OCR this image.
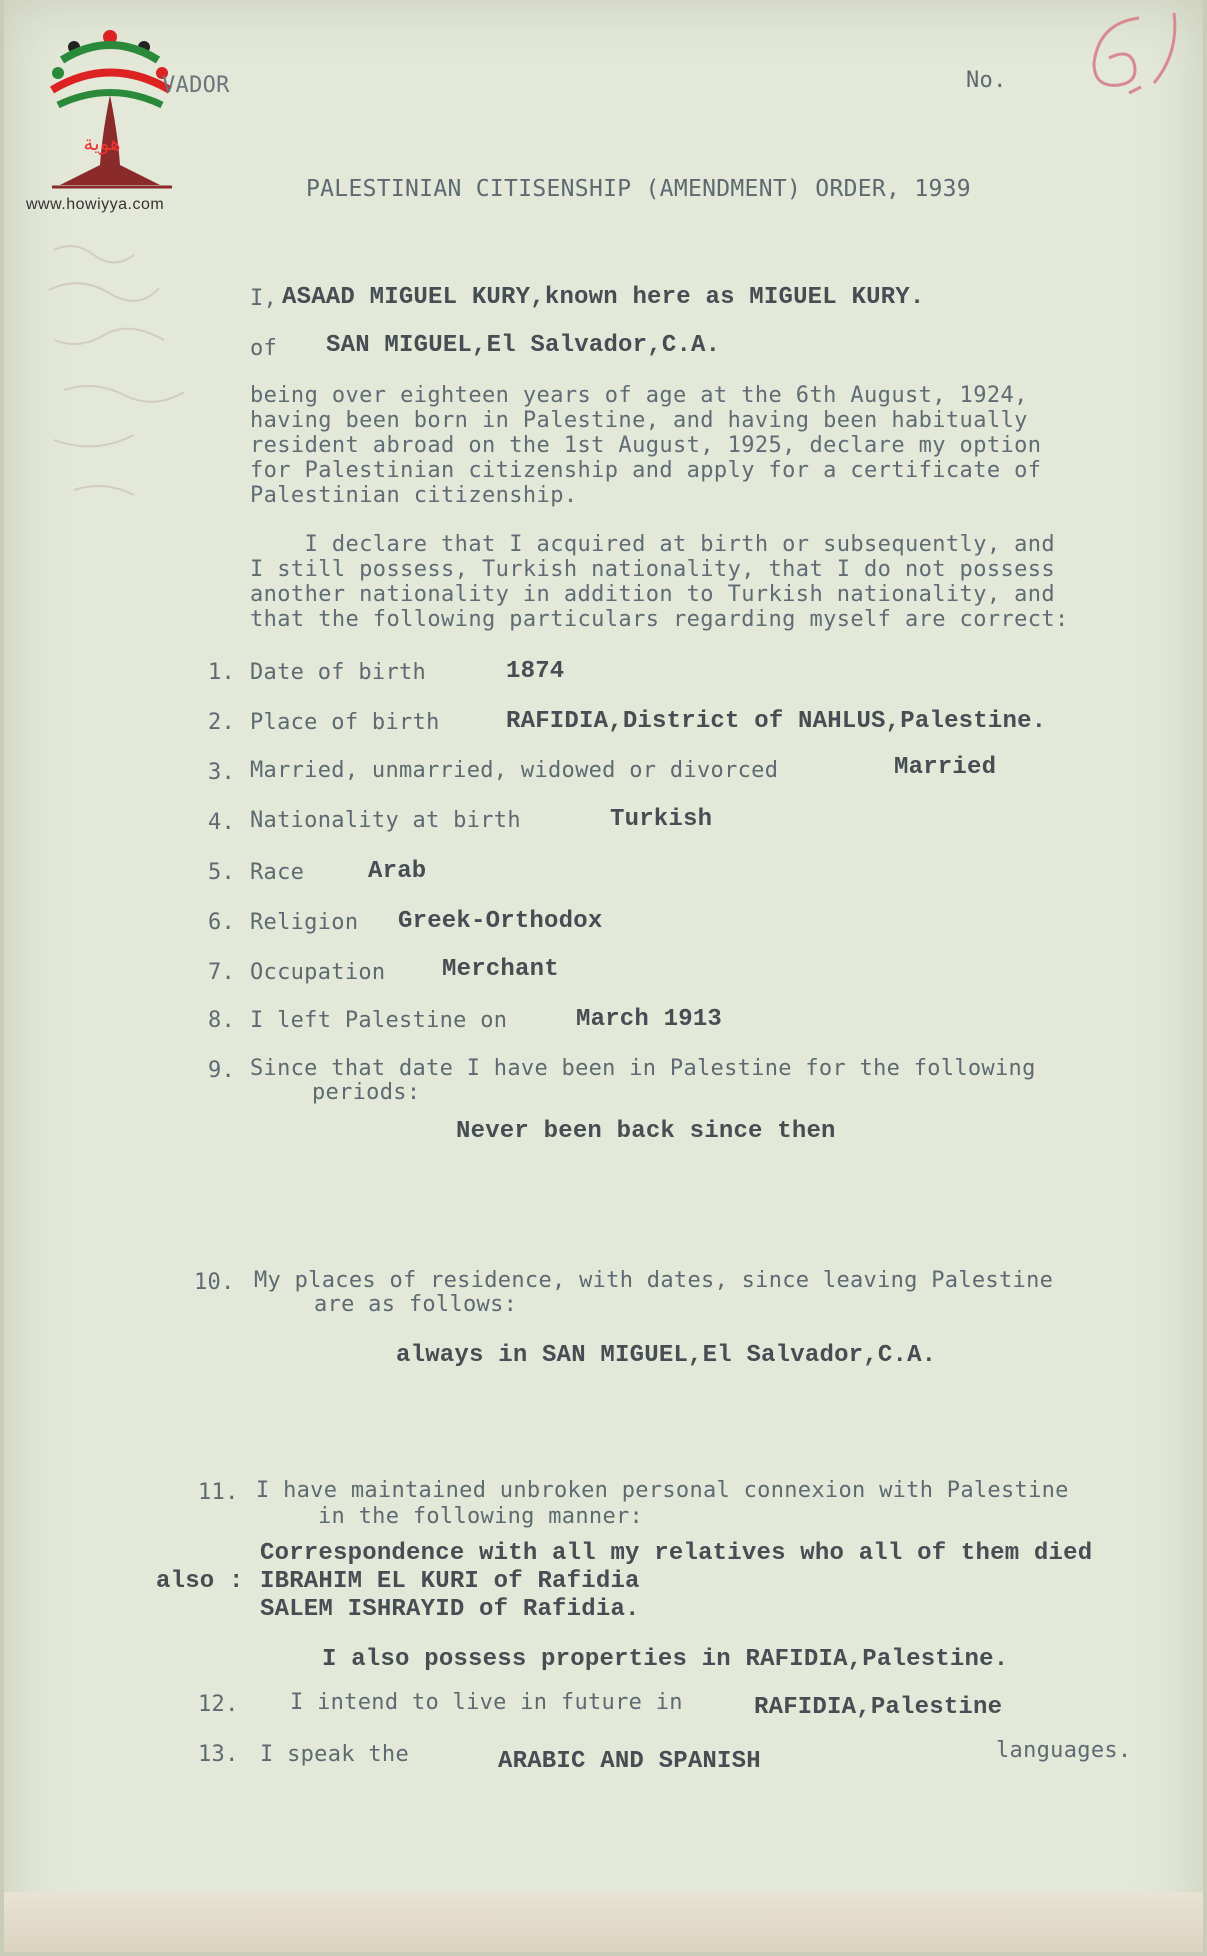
هوية
www.howiyya.com
VADOR	No.	6
PALESTINIAN CITISENSHIP (AMENDMENT) ORDER, 1939
I, ASAAD MIGUEL KURY,known here as MIGUEL KURY.
of SAN MIGUEL,El Salvador,C.A.
being over eighteen years of age at the 6th August, 1924,
having been born in Palestine, and having been habitually
resident abroad on the 1st August, 1925, declare my option
for Palestinian citizenship and apply for a certificate of
Palestinian citizenship.
I declare that I acquired at birth or subsequently, and
I still possess, Turkish nationality, that I do not possess
another nationality in addition to Turkish nationality, and
that the following particulars regarding myself are correct:
1. Date of birth	1874
2. Place of birth	RAFIDIA,District of NAHLUS,Palestine.
3. Married, unmarried, widowed or divorced	Married
4. Nationality at birth	Turkish
5. Race	Arab
6. Religion Greek-Orthodox
7. Occupation Merchant
8. I left Palestine on	March 1913
9. Since that date I have been in Palestine for the following
periods:
Never been back since then
10. My places of residence, with dates, since leaving Palestine
are as follows:
always in SAN MIGUEL,El Salvador,C.A.
11. I have maintained unbroken personal connexion with Palestine
in the following manner:
Correspondence with all my relatives who all of them died
also : IBRAHIM EL KURI of Rafidia
SALEM ISHRAYID of Rafidia.
I also possess properties in RAFIDIA,Palestine.
12. I intend to live in future in	RAFIDIA,Palestine
13. I speak the	ARABIC AND SPANISH	languages.
